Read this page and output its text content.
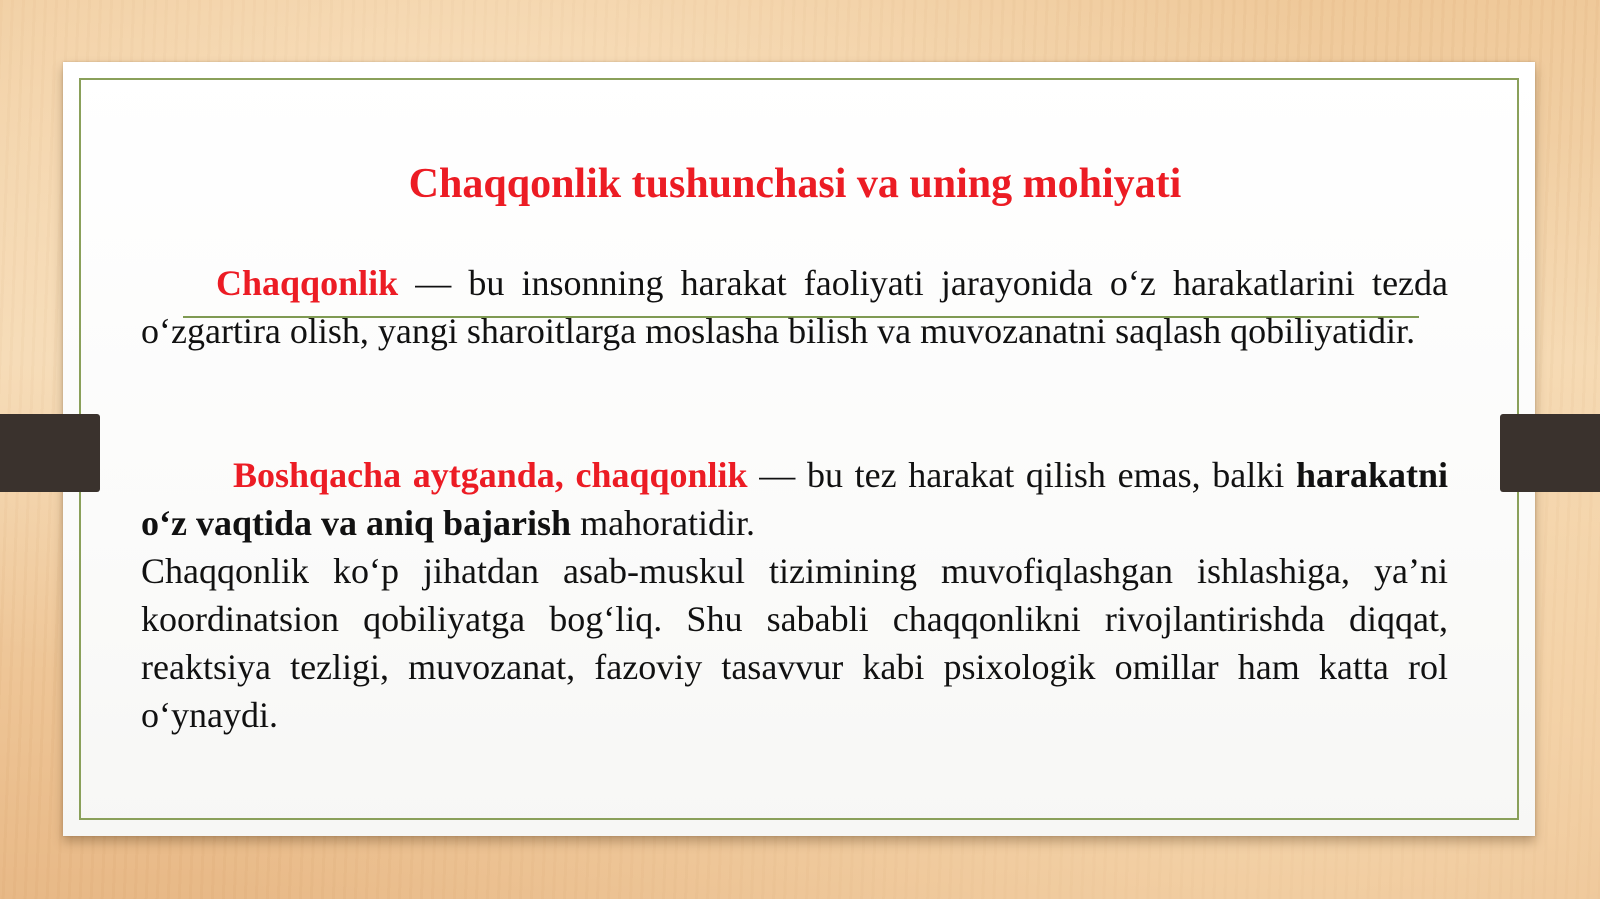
Chaqqonlik tushunchasi va uning mohiyati

Chaqqonlik — bu insonning harakat faoliyati jarayonida o‘z harakatlarini tezda o‘zgartira olish, yangi sharoitlarga moslasha bilish va muvozanatni saqlash qobiliyatidir.

Boshqacha aytganda, chaqqonlik — bu tez harakat qilish emas, balki harakatni o‘z vaqtida va aniq bajarish mahoratidir.

Chaqqonlik ko‘p jihatdan asab-muskul tizimining muvofiqlashgan ishlashiga, ya’ni koordinatsion qobiliyatga bog‘liq. Shu sababli chaqqonlikni rivojlantirishda diqqat, reaktsiya tezligi, muvozanat, fazoviy tasavvur kabi psixologik omillar ham katta rol o‘ynaydi.
